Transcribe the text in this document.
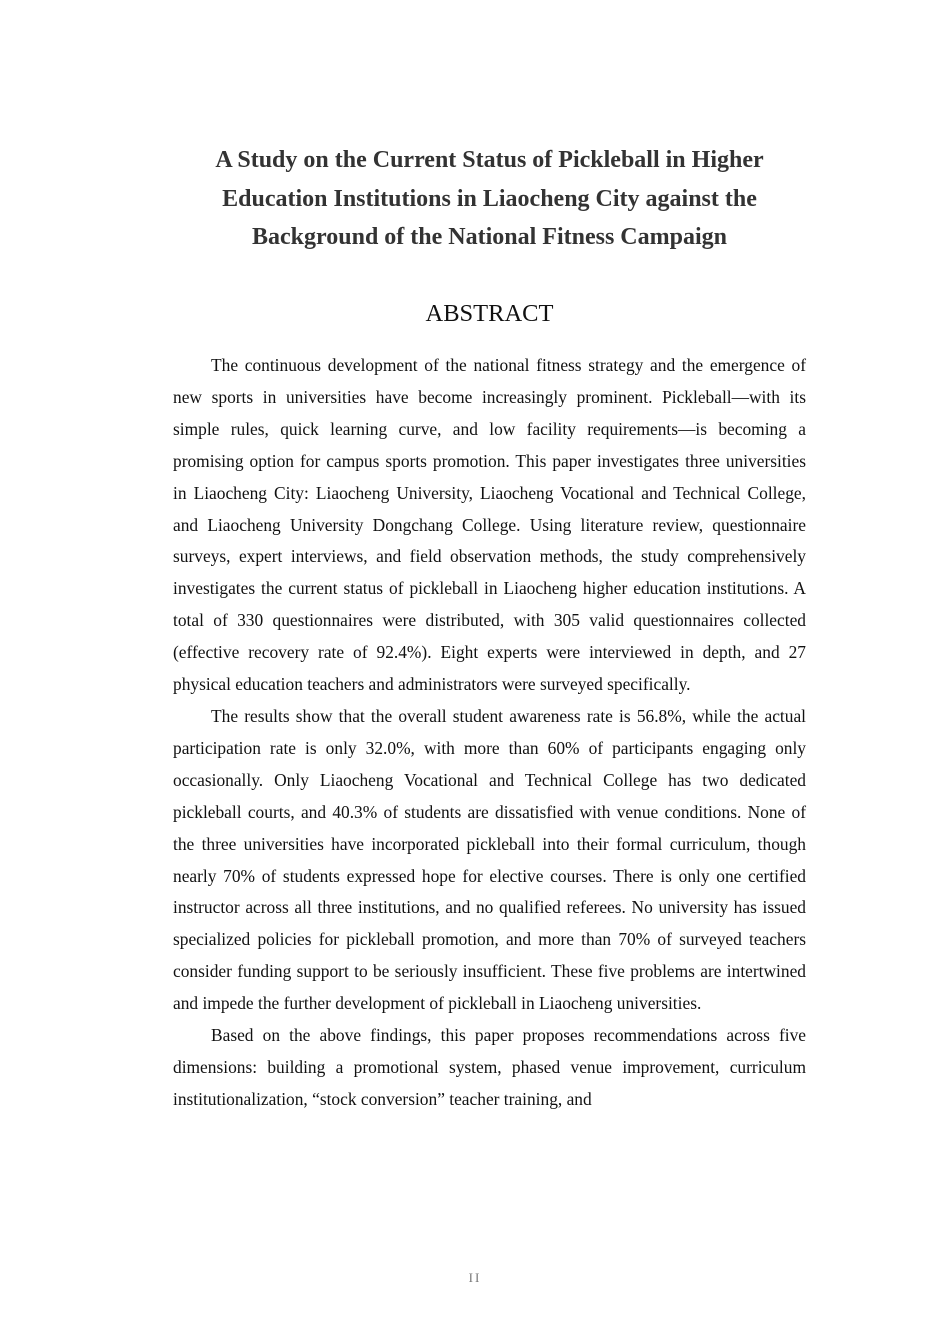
A Study on the Current Status of Pickleball in Higher Education Institutions in Liaocheng City against the Background of the National Fitness Campaign
ABSTRACT

The continuous development of the national fitness strategy and the emergence of new sports in universities have become increasingly prominent. Pickleball—with its simple rules, quick learning curve, and low facility requirements—is becoming a promising option for campus sports promotion. This paper investigates three universities in Liaocheng City: Liaocheng University, Liaocheng Vocational and Technical College, and Liaocheng University Dongchang College. Using literature review, questionnaire surveys, expert interviews, and field observation methods, the study comprehensively investigates the current status of pickleball in Liaocheng higher education institutions. A total of 330 questionnaires were distributed, with 305 valid questionnaires collected (effective recovery rate of 92.4%). Eight experts were interviewed in depth, and 27 physical education teachers and administrators were surveyed specifically.

The results show that the overall student awareness rate is 56.8%, while the actual participation rate is only 32.0%, with more than 60% of participants engaging only occasionally. Only Liaocheng Vocational and Technical College has two dedicated pickleball courts, and 40.3% of students are dissatisfied with venue conditions. None of the three universities have incorporated pickleball into their formal curriculum, though nearly 70% of students expressed hope for elective courses. There is only one certified instructor across all three institutions, and no qualified referees. No university has issued specialized policies for pickleball promotion, and more than 70% of surveyed teachers consider funding support to be seriously insufficient. These five problems are intertwined and impede the further development of pickleball in Liaocheng universities.

Based on the above findings, this paper proposes recommendations across five dimensions: building a promotional system, phased venue improvement, curriculum institutionalization, “stock conversion” teacher training, and

II
